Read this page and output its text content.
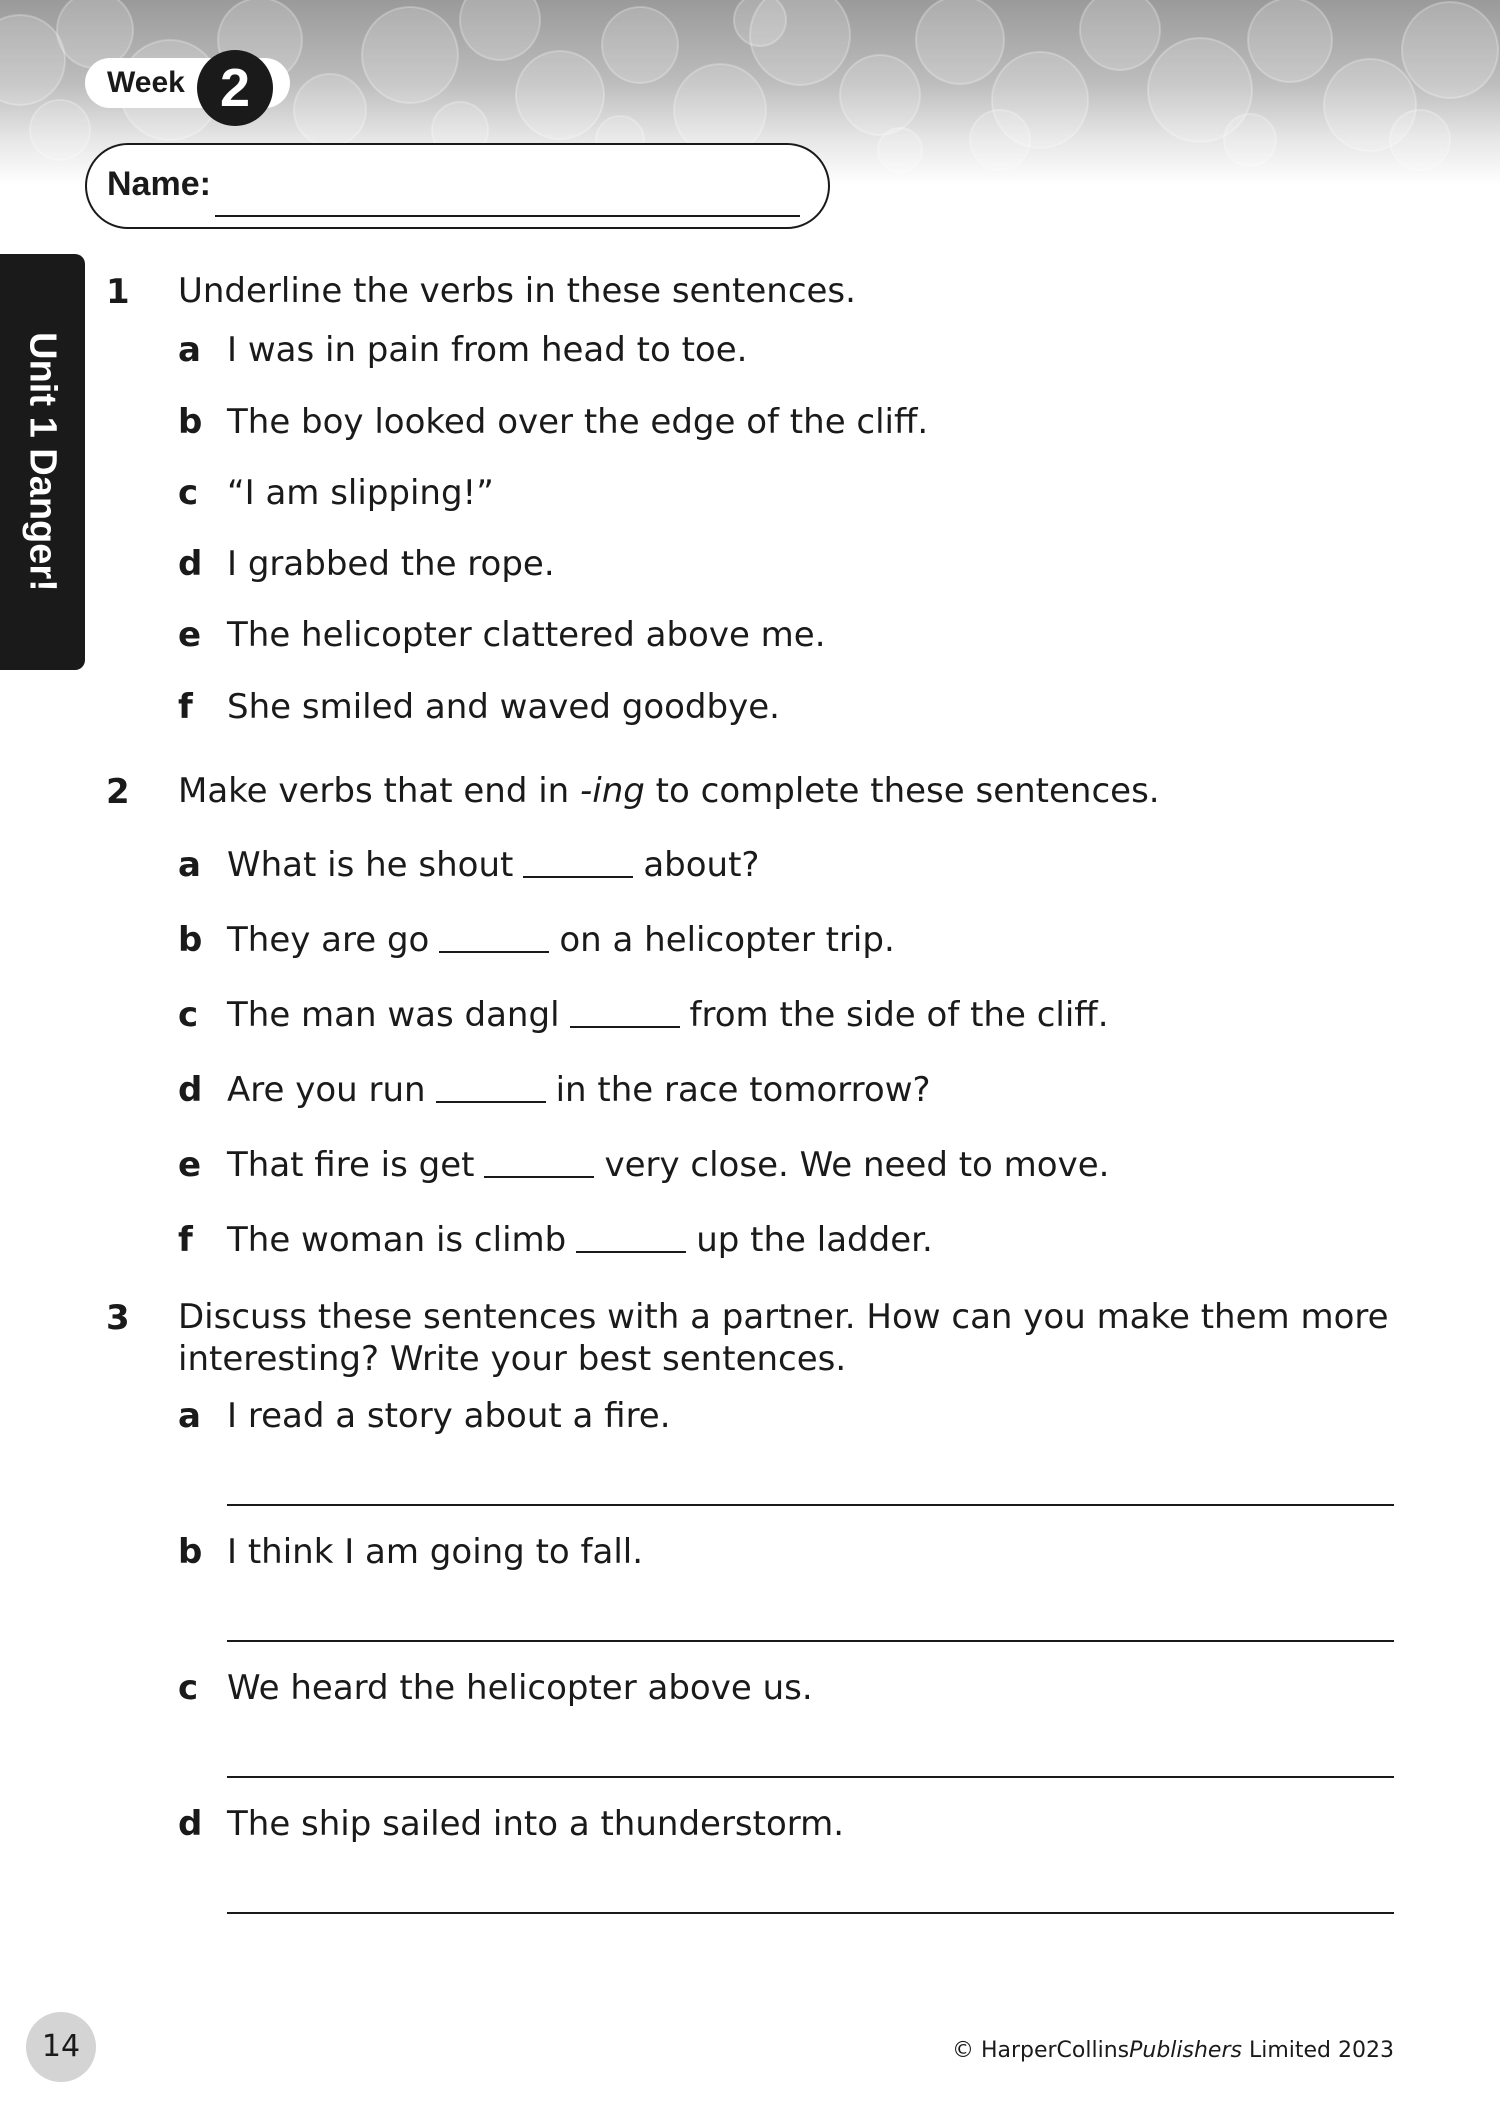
Week 2
Name:
Unit 1 Danger!
1 Underline the verbs in these sentences.
a I was in pain from head to toe.
b The boy looked over the edge of the cliff.
c “I am slipping!”
d I grabbed the rope.
e The helicopter clattered above me.
f She smiled and waved goodbye.
2 Make verbs that end in -ing to complete these sentences.
a What is he shout	about?
b They are go	on a helicopter trip.
c The man was dangl	from the side of the cliff.
d Are you run	in the race tomorrow?
e That fire is get	very close. We need to move.
f The woman is climb	up the ladder.
3 Discuss these sentences with a partner. How can you make them more
interesting? Write your best sentences.
a I read a story about a fire.
b I think I am going to fall.
c We heard the helicopter above us.
d The ship sailed into a thunderstorm.
14	© HarperCollinsPublishers Limited 2023
